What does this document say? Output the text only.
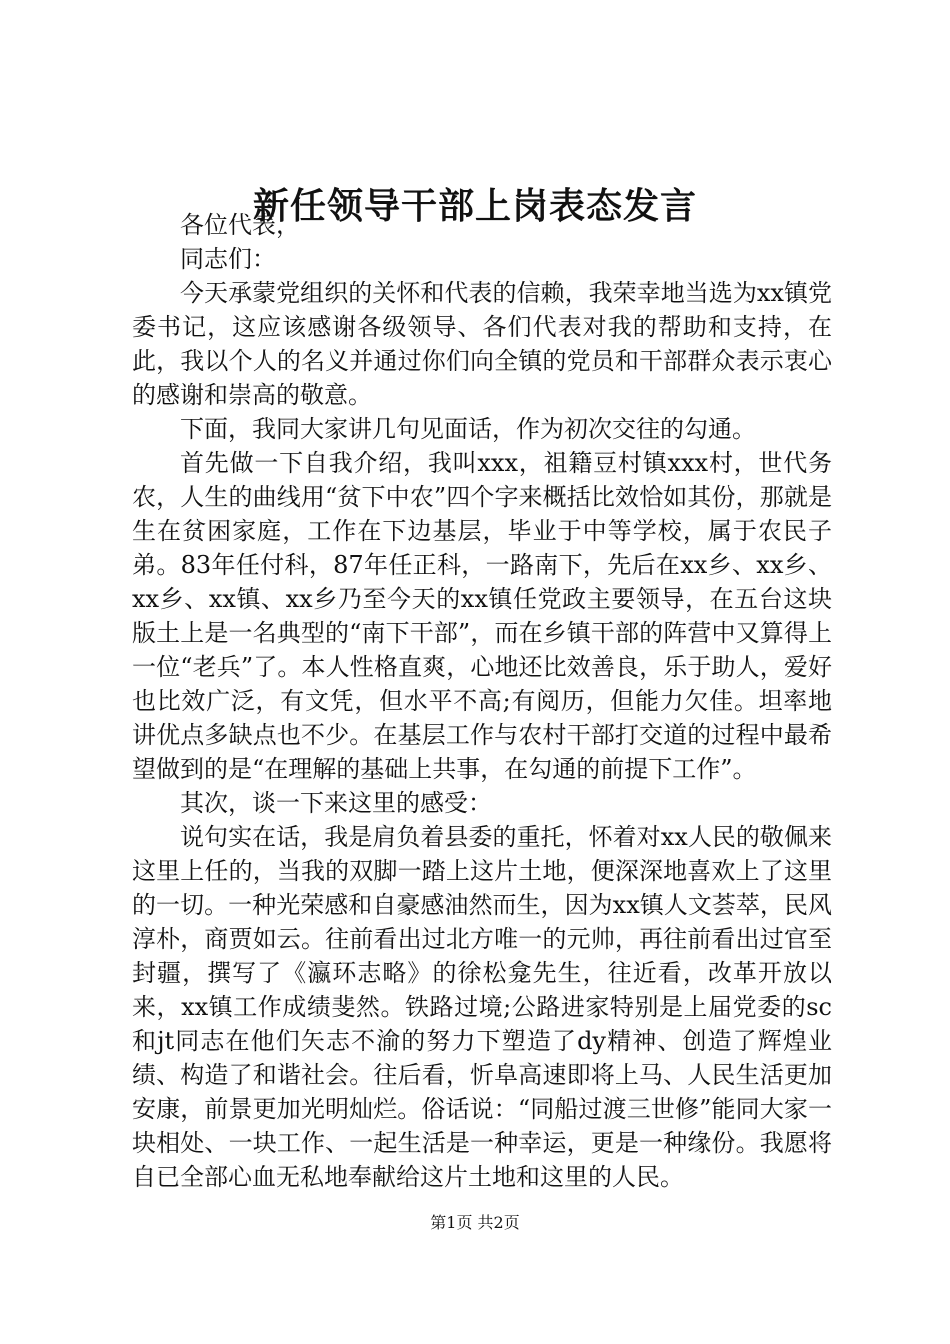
新任领导干部上岗表态发言

各位代表，

同志们：

今天承蒙党组织的关怀和代表的信赖，我荣幸地当选为xx镇党委书记，这应该感谢各级领导、各们代表对我的帮助和支持，在此，我以个人的名义并通过你们向全镇的党员和干部群众表示衷心的感谢和崇高的敬意。

下面，我同大家讲几句见面话，作为初次交往的勾通。

首先做一下自我介绍，我叫xxx，祖籍豆村镇xxx村，世代务农，人生的曲线用“贫下中农”四个字来概括比效恰如其份，那就是生在贫困家庭，工作在下边基层，毕业于中等学校，属于农民子弟。83年任付科，87年任正科，一路南下，先后在xx乡、xx乡、xx乡、xx镇、xx乡乃至今天的xx镇任党政主要领导，在五台这块版土上是一名典型的“南下干部”，而在乡镇干部的阵营中又算得上一位“老兵”了。本人性格直爽，心地还比效善良，乐于助人，爱好也比效广泛，有文凭，但水平不高;有阅历，但能力欠佳。坦率地讲优点多缺点也不少。在基层工作与农村干部打交道的过程中最希望做到的是“在理解的基础上共事，在勾通的前提下工作”。

其次，谈一下来这里的感受：

说句实在话，我是肩负着县委的重托，怀着对xx人民的敬佩来这里上任的，当我的双脚一踏上这片土地，便深深地喜欢上了这里的一切。一种光荣感和自豪感油然而生，因为xx镇人文荟萃，民风淳朴，商贾如云。往前看出过北方唯一的元帅，再往前看出过官至封疆，撰写了《瀛环志略》的徐松龛先生，往近看，改革开放以来，xx镇工作成绩斐然。铁路过境;公路进家特别是上届党委的sc和jt同志在他们矢志不渝的努力下塑造了dy精神、创造了辉煌业绩、构造了和谐社会。往后看，忻阜高速即将上马、人民生活更加安康，前景更加光明灿烂。俗话说：“同船过渡三世修”能同大家一块相处、一块工作、一起生活是一种幸运，更是一种缘份。我愿将自已全部心血无私地奉献给这片土地和这里的人民。

第1页 共2页
